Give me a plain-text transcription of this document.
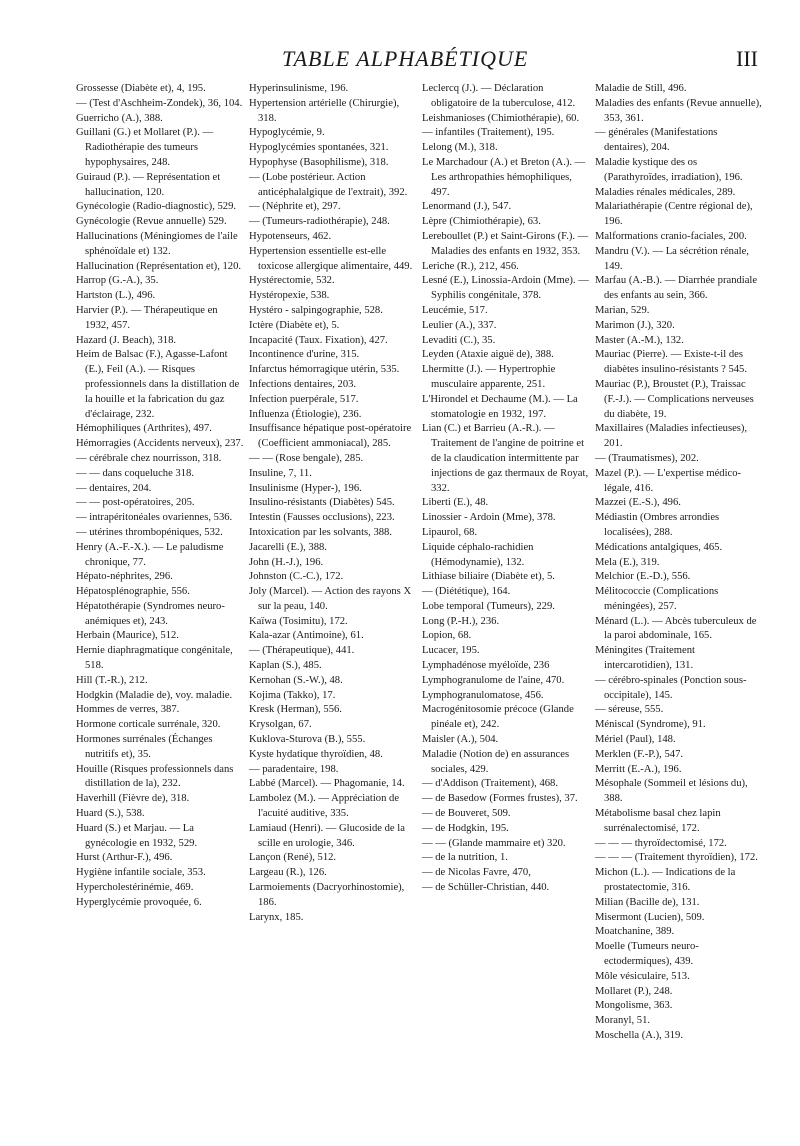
TABLE ALPHABÉTIQUE	III

Grossesse (Diabète et), 4, 195.

— (Test d'Aschheim-Zondek), 36, 104.

Guerricho (A.), 388.

Guillani (G.) et Mollaret (P.). — Radiothérapie des tumeurs hypophysaires, 248.

Guiraud (P.). — Représentation et hallucination, 120.

Gynécologie (Radio-diagnostic), 529.

Gynécologie (Revue annuelle) 529.

Hallucinations (Méningiomes de l'aile sphénoïdale et) 132.

Hallucination (Représentation et), 120.

Harrop (G.-A.), 35.

Hartston (L.), 496.

Harvier (P.). — Thérapeutique en 1932, 457.

Hazard (J. Beach), 318.

Heim de Balsac (F.), Agasse-Lafont (E.), Feil (A.). — Risques professionnels dans la distillation de la houille et la fabrication du gaz d'éclairage, 232.

Hémophiliques (Arthrites), 497.

Hémorragies (Accidents nerveux), 237.

— cérébrale chez nourrisson, 318.

— — dans coqueluche 318.

— dentaires, 204.

— — post-opératoires, 205.

— intrapéritonéales ovariennes, 536.

— utérines thrombopéniques, 532.

Henry (A.-F.-X.). — Le paludisme chronique, 77.

Hépato-néphrites, 296.

Hépatosplénographie, 556.

Hépatothérapie (Syndromes neuro-anémiques et), 243.

Herbain (Maurice), 512.

Hernie diaphragmatique congénitale, 518.

Hill (T.-R.), 212.

Hodgkin (Maladie de), voy. maladie.

Hommes de verres, 387.

Hormone corticale surrénale, 320.

Hormones surrénales (Échanges nutritifs et), 35.

Houille (Risques professionnels dans distillation de la), 232.

Haverhill (Fièvre de), 318.

Huard (S.), 538.

Huard (S.) et Marjau. — La gynécologie en 1932, 529.

Hurst (Arthur-F.), 496.

Hygiène infantile sociale, 353.

Hypercholestérinémie, 469.

Hyperglycémie provoquée, 6.

Hyperinsulinisme, 196.

Hypertension artérielle (Chirurgie), 318.

Hypoglycémie, 9.

Hypoglycémies spontanées, 321.

Hypophyse (Basophilisme), 318.

— (Lobe postérieur. Action anticéphalalgique de l'extrait), 392.

— (Néphrite et), 297.

— (Tumeurs-radiothérapie), 248.

Hypotenseurs, 462.

Hypertension essentielle est-elle toxicose allergique alimentaire, 449.

Hystérectomie, 532.

Hystéropexie, 538.

Hystéro - salpingographie, 528.

Ictère (Diabète et), 5.

Incapacité (Taux. Fixation), 427.

Incontinence d'urine, 315.

Infarctus hémorragique utérin, 535.

Infections dentaires, 203.

Infection puerpérale, 517.

Influenza (Étiologie), 236.

Insuffisance hépatique post-opératoire (Coefficient ammoniacal), 285.

— — (Rose bengale), 285.

Insuline, 7, 11.

Insulinisme (Hyper-), 196.

Insulino-résistants (Diabètes) 545.

Intestin (Fausses occlusions), 223.

Intoxication par les solvants, 388.

Jacarelli (E.), 388.

John (H.-J.), 196.

Johnston (C.-C.), 172.

Joly (Marcel). — Action des rayons X sur la peau, 140.

Kaïwa (Tosimitu), 172.

Kala-azar (Antimoine), 61.

— (Thérapeutique), 441.

Kaplan (S.), 485.

Kernohan (S.-W.), 48.

Kojima (Takko), 17.

Kresk (Herman), 556.

Krysolgan, 67.

Kuklova-Sturova (B.), 555.

Kyste hydatique thyroïdien, 48.

— paradentaire, 198.

Labbé (Marcel). — Phagomanie, 14.

Lambolez (M.). — Appréciation de l'acuité auditive, 335.

Lamiaud (Henri). — Glucoside de la scille en urologie, 346.

Lançon (René), 512.

Largeau (R.), 126.

Larmoiements (Dacryorhinostomie), 186.

Larynx, 185.

Leclercq (J.). — Déclaration obligatoire de la tuberculose, 412.

Leishmanioses (Chimiothérapie), 60.

— infantiles (Traitement), 195.

Lelong (M.), 318.

Le Marchadour (A.) et Breton (A.). — Les arthropathies hémophiliques, 497.

Lenormand (J.), 547.

Lèpre (Chimiothérapie), 63.

Lereboullet (P.) et Saint-Girons (F.). — Maladies des enfants en 1932, 353.

Leriche (R.), 212, 456.

Lesné (E.), Linossia-Ardoin (Mme). — Syphilis congénitale, 378.

Leucémie, 517.

Leulier (A.), 337.

Levaditi (C.), 35.

Leyden (Ataxie aiguë de), 388.

Lhermitte (J.). — Hypertrophie musculaire apparente, 251.

L'Hirondel et Dechaume (M.). — La stomatologie en 1932, 197.

Lian (C.) et Barrieu (A.-R.). — Traitement de l'angine de poitrine et de la claudication intermittente par injections de gaz thermaux de Royat, 332.

Liberti (E.), 48.

Linossier - Ardoin (Mme), 378.

Lipaurol, 68.

Liquide céphalo-rachidien (Hémodynamie), 132.

Lithiase biliaire (Diabète et), 5.

— (Diététique), 164.

Lobe temporal (Tumeurs), 229.

Long (P.-H.), 236.

Lopion, 68.

Lucacer, 195.

Lymphadénose myéloïde, 236

Lymphogranulome de l'aine, 470.

Lymphogranulomatose, 456.

Macrogénitosomie précoce (Glande pinéale et), 242.

Maisler (A.), 504.

Maladie (Notion de) en assurances sociales, 429.

— d'Addison (Traitement), 468.

— de Basedow (Formes frustes), 37.

— de Bouveret, 509.

— de Hodgkin, 195.

— — (Glande mammaire et) 320.

— de la nutrition, 1.

— de Nicolas Favre, 470,

— de Schüller-Christian, 440.

Maladie de Still, 496.

Maladies des enfants (Revue annuelle), 353, 361.

— générales (Manifestations dentaires), 204.

Maladie kystique des os (Parathyroïdes, irradiation), 196.

Maladies rénales médicales, 289.

Malariathérapie (Centre régional de), 196.

Malformations cranio-faciales, 200.

Mandru (V.). — La sécrétion rénale, 149.

Marfau (A.-B.). — Diarrhée prandiale des enfants au sein, 366.

Marian, 529.

Marimon (J.), 320.

Master (A.-M.), 132.

Mauriac (Pierre). — Existe-t-il des diabètes insulino-résistants ? 545.

Mauriac (P.), Broustet (P.), Traissac (F.-J.). — Complications nerveuses du diabète, 19.

Maxillaires (Maladies infectieuses), 201.

— (Traumatismes), 202.

Mazel (P.). — L'expertise médico-légale, 416.

Mazzei (E.-S.), 496.

Médiastin (Ombres arrondies localisées), 288.

Médications antalgiques, 465.

Mela (E.), 319.

Melchior (E.-D.), 556.

Mélitococcie (Complications méningées), 257.

Ménard (L.). — Abcès tuberculeux de la paroi abdominale, 165.

Méningites (Traitement intercarotidien), 131.

— cérébro-spinales (Ponction sous-occipitale), 145.

— séreuse, 555.

Méniscal (Syndrome), 91.

Mériel (Paul), 148.

Merklen (F.-P.), 547.

Merritt (E.-A.), 196.

Mésophale (Sommeil et lésions du), 388.

Métabolisme basal chez lapin surrénalectomisé, 172.

— — — thyroïdectomisé, 172.

— — — (Traitement thyroïdien), 172.

Michon (L.). — Indications de la prostatectomie, 316.

Milian (Bacille de), 131.

Misermont (Lucien), 509.

Moatchanine, 389.

Moelle (Tumeurs neuro-ectodermiques), 439.

Môle vésiculaire, 513.

Mollaret (P.), 248.

Mongolisme, 363.

Moranyl, 51.

Moschella (A.), 319.
